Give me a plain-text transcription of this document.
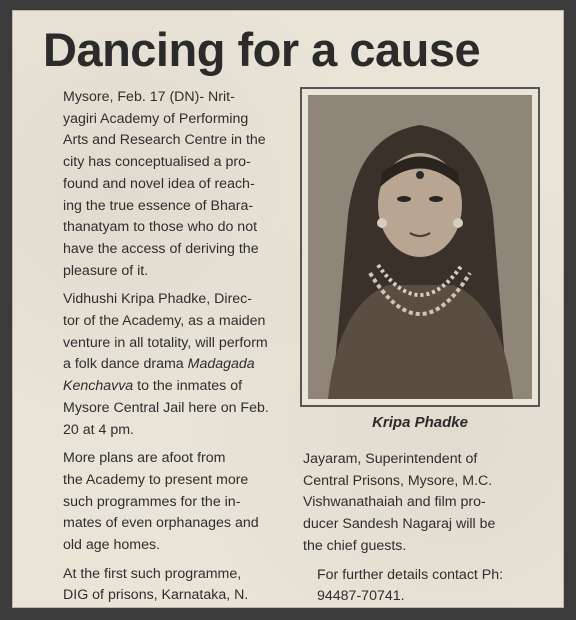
Dancing for a cause

Mysore, Feb. 17 (DN)- Nrit-
yagiri Academy of Performing
Arts and Research Centre in the
city has conceptualised a pro-
found and novel idea of reach-
ing the true essence of Bhara-
thanatyam to those who do not
have the access of deriving the
pleasure of it.

Vidhushi Kripa Phadke, Direc-
tor of the Academy, as a maiden
venture in all totality, will perform
a folk dance drama Madagada
Kenchavva to the inmates of
Mysore Central Jail here on Feb.
20 at 4 pm.

More plans are afoot from
the Academy to present more
such programmes for the in-
mates of even orphanages and
old age homes.

At the first such programme,
DIG of prisons, Karnataka, N.

Kripa Phadke

Jayaram, Superintendent of
Central Prisons, Mysore, M.C.
Vishwanathaiah and film pro-
ducer Sandesh Nagaraj will be
the chief guests.

For further details contact Ph:
94487-70741.
